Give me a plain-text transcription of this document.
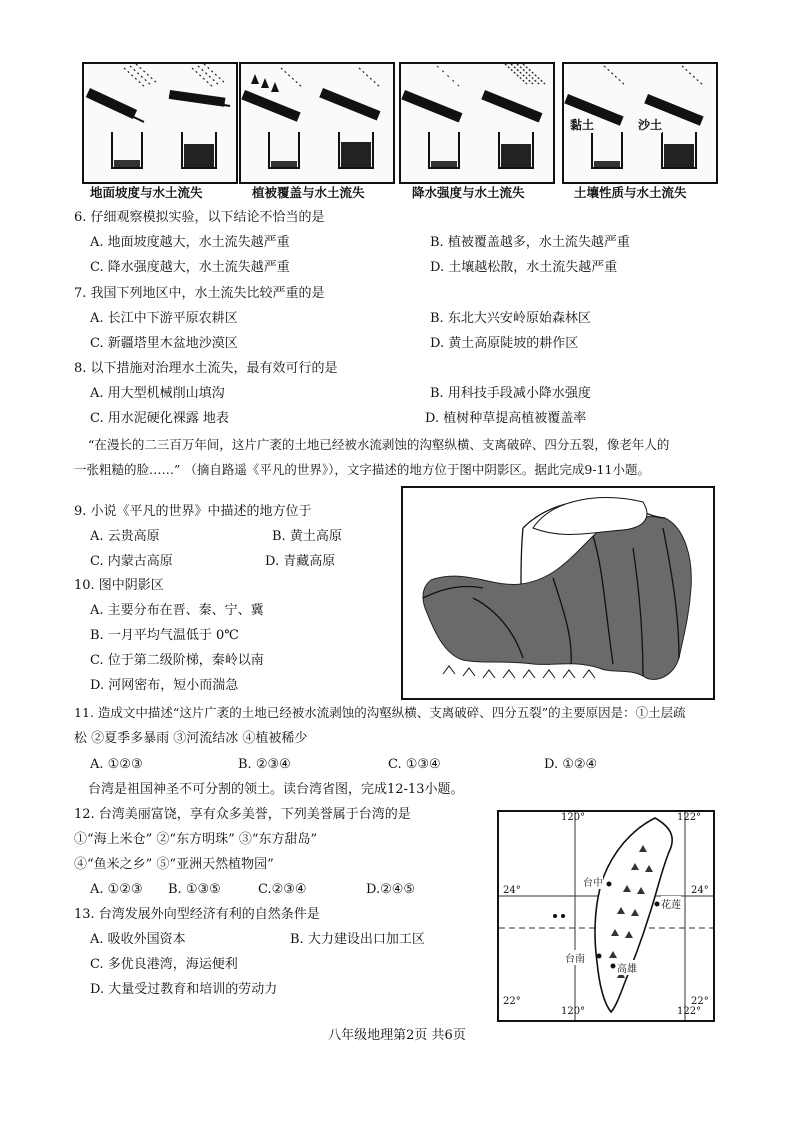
黏土	沙土
地面坡度与水土流失	植被覆盖与水土流失	降水强度与水土流失	土壤性质与水土流失
6. 仔细观察模拟实验，以下结论不恰当的是
A. 地面坡度越大，水土流失越严重	B. 植被覆盖越多，水土流失越严重
C. 降水强度越大，水土流失越严重	D. 土壤越松散，水土流失越严重
7. 我国下列地区中，水土流失比较严重的是
A. 长江中下游平原农耕区	B. 东北大兴安岭原始森林区
C. 新疆塔里木盆地沙漠区	D. 黄土高原陡坡的耕作区
8. 以下措施对治理水土流失，最有效可行的是
A. 用大型机械削山填沟	B. 用科技手段减小降水强度
C. 用水泥硬化裸露 地表	D. 植树种草提高植被覆盖率
“在漫长的二三百万年间，这片广袤的土地已经被水流剥蚀的沟壑纵横、支离破碎、四分五裂，像老年人的
一张粗糙的脸……” （摘自路遥《平凡的世界》），文字描述的地方位于图中阴影区。据此完成9-11小题。
9. 小说《平凡的世界》中描述的地方位于
A. 云贵高原	B. 黄土高原
C. 内蒙古高原	D. 青藏高原
10. 图中阴影区
A. 主要分布在晋、秦、宁、冀
B. 一月平均气温低于 0℃
C. 位于第二级阶梯，秦岭以南
D. 河网密布，短小而湍急
11. 造成文中描述“这片广袤的土地已经被水流剥蚀的沟壑纵横、支离破碎、四分五裂”的主要原因是：①土层疏
松 ②夏季多暴雨 ③河流结冰 ④植被稀少
A. ①②③	B. ②③④	C. ①③④	D. ①②④
台湾是祖国神圣不可分割的领土。读台湾省图，完成12-13小题。
120°	122°
120°	122°
24°	24°
22°	22°
台中
花莲
台南
高雄
12. 台湾美丽富饶，享有众多美誉，下列美誉属于台湾的是
①“海上米仓” ②“东方明珠” ③“东方甜岛”
④“鱼米之乡” ⑤“亚洲天然植物园”
A. ①②③ B. ①③⑤	C.②③④	D.②④⑤
13. 台湾发展外向型经济有利的自然条件是
A. 吸收外国资本	B. 大力建设出口加工区
C. 多优良港湾，海运便利
D. 大量受过教育和培训的劳动力
八年级地理第2页 共6页
